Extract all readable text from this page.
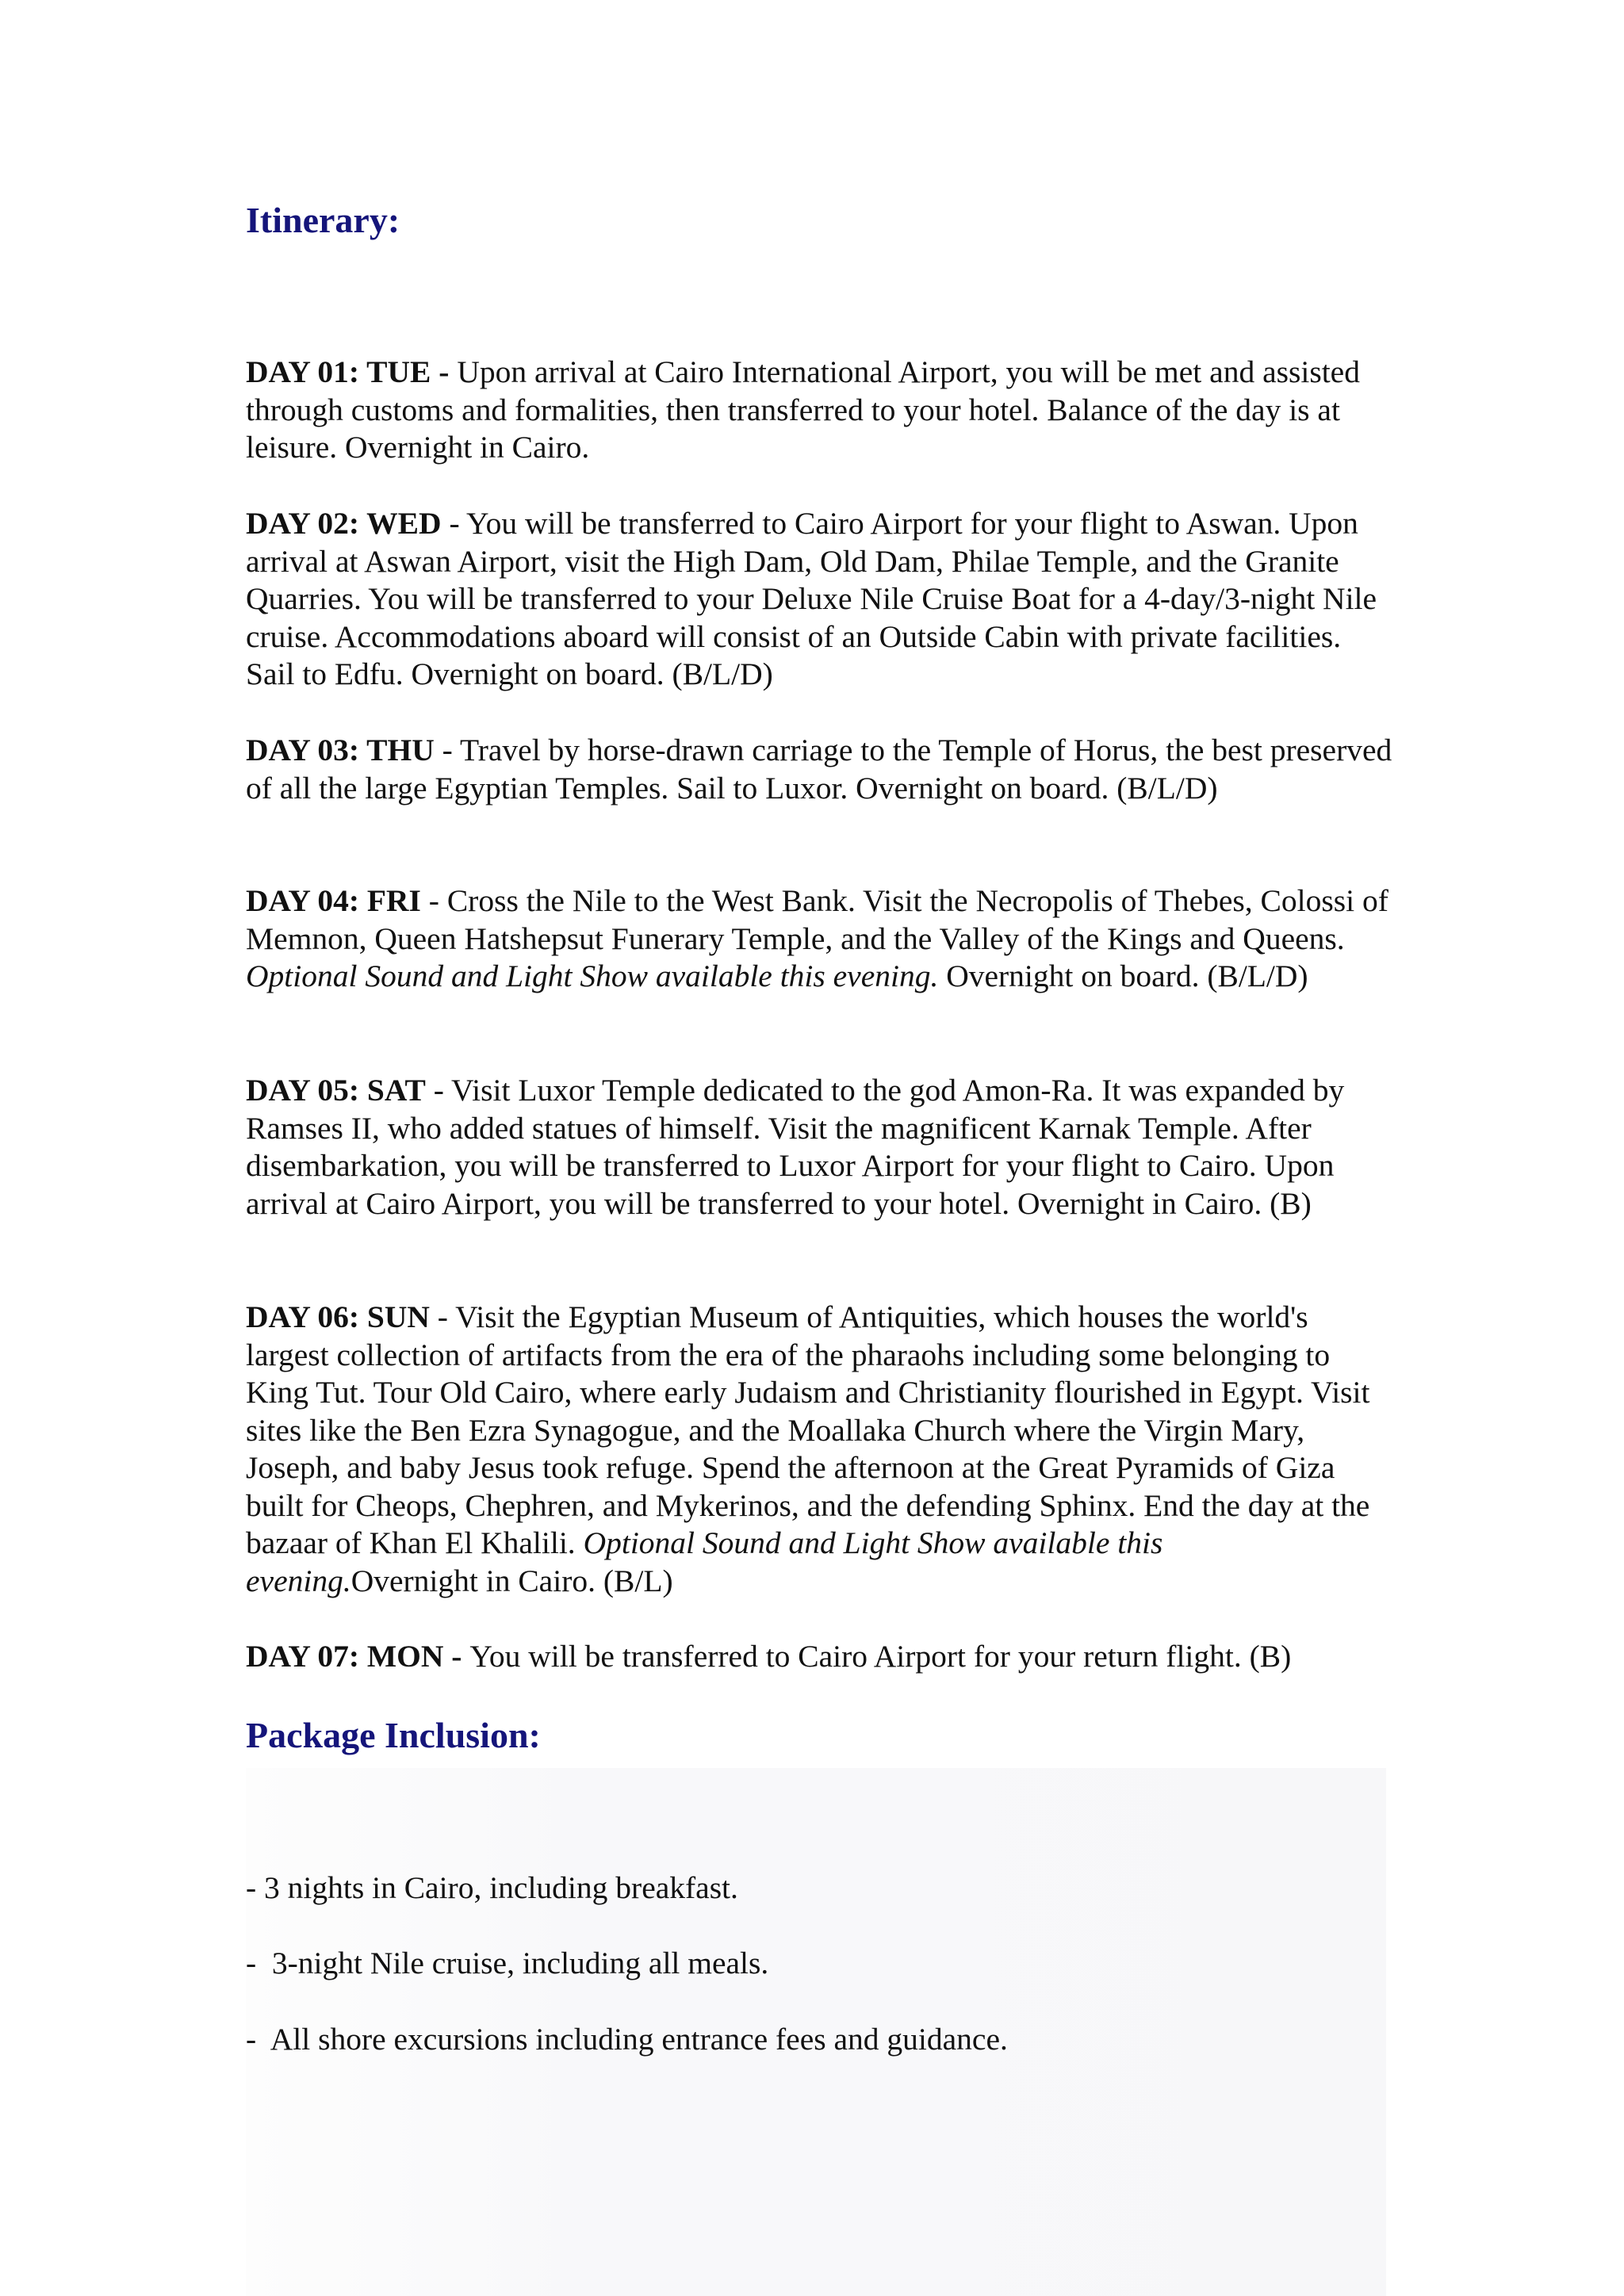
Itinerary:

DAY 01: TUE - Upon arrival at Cairo International Airport, you will be met and assisted through customs and formalities, then transferred to your hotel. Balance of the day is at leisure. Overnight in Cairo.

DAY 02: WED - You will be transferred to Cairo Airport for your flight to Aswan. Upon arrival at Aswan Airport, visit the High Dam, Old Dam, Philae Temple, and the Granite Quarries. You will be transferred to your Deluxe Nile Cruise Boat for a 4-day/3-night Nile cruise. Accommodations aboard will consist of an Outside Cabin with private facilities. Sail to Edfu. Overnight on board. (B/L/D)

DAY 03: THU - Travel by horse-drawn carriage to the Temple of Horus, the best preserved of all the large Egyptian Temples. Sail to Luxor. Overnight on board. (B/L/D)

DAY 04: FRI - Cross the Nile to the West Bank. Visit the Necropolis of Thebes, Colossi of Memnon, Queen Hatshepsut Funerary Temple, and the Valley of the Kings and Queens. Optional Sound and Light Show available this evening. Overnight on board. (B/L/D)

DAY 05: SAT - Visit Luxor Temple dedicated to the god Amon-Ra. It was expanded by Ramses II, who added statues of himself. Visit the magnificent Karnak Temple. After disembarkation, you will be transferred to Luxor Airport for your flight to Cairo. Upon arrival at Cairo Airport, you will be transferred to your hotel. Overnight in Cairo. (B)

DAY 06: SUN - Visit the Egyptian Museum of Antiquities, which houses the world's largest collection of artifacts from the era of the pharaohs including some belonging to King Tut. Tour Old Cairo, where early Judaism and Christianity flourished in Egypt. Visit sites like the Ben Ezra Synagogue, and the Moallaka Church where the Virgin Mary, Joseph, and baby Jesus took refuge. Spend the afternoon at the Great Pyramids of Giza built for Cheops, Chephren, and Mykerinos, and the defending Sphinx. End the day at the bazaar of Khan El Khalili. Optional Sound and Light Show available this evening.Overnight in Cairo. (B/L)

DAY 07: MON - You will be transferred to Cairo Airport for your return flight. (B)

Package Inclusion:

- 3 nights in Cairo, including breakfast.

-  3-night Nile cruise, including all meals.

-  All shore excursions including entrance fees and guidance.
